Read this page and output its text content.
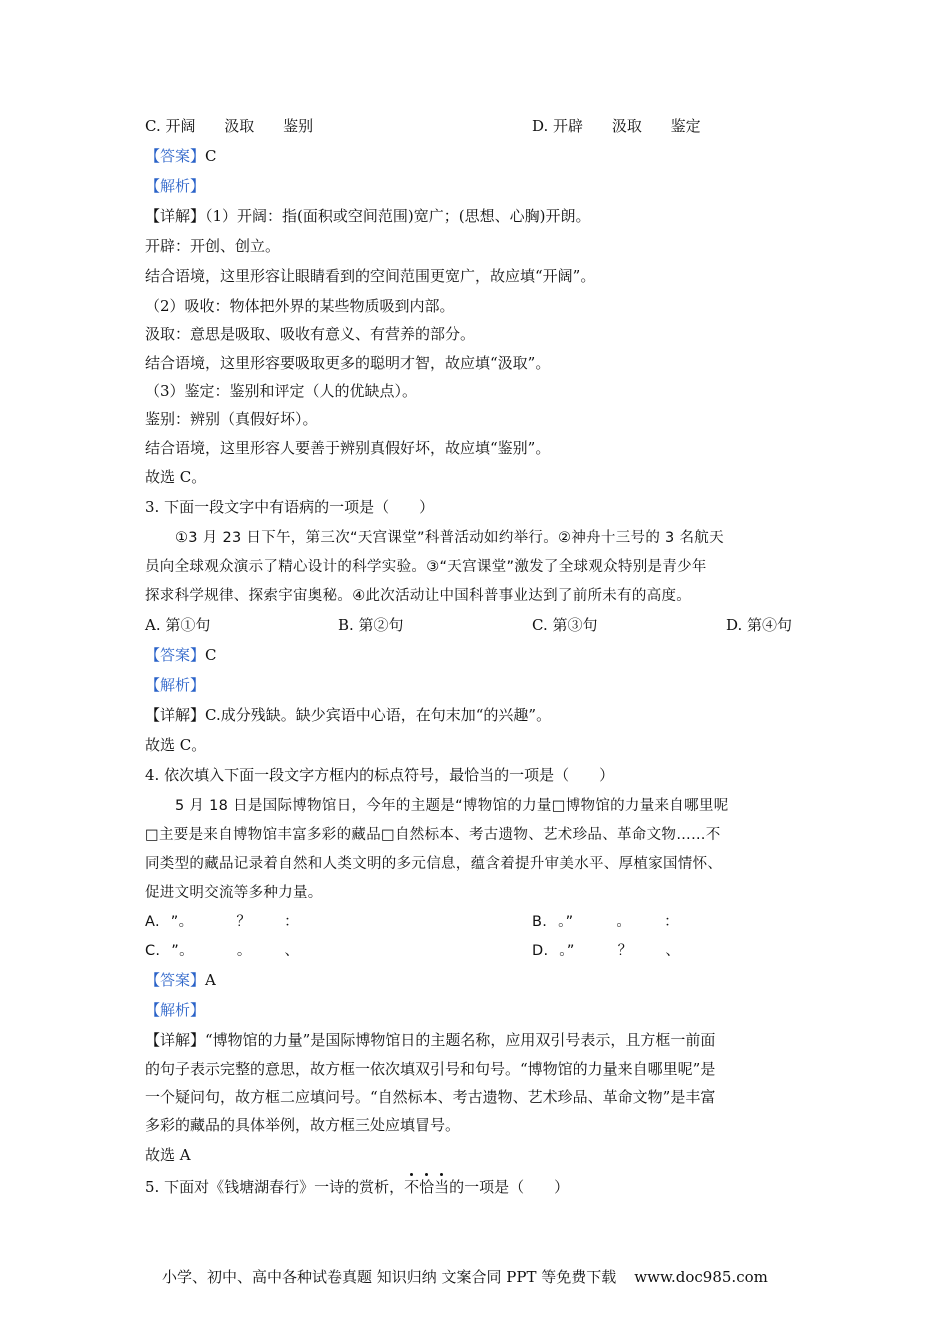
C. 开阔 汲取 鉴别	D. 开辟 汲取 鉴定
【答案】C
【解析】
【详解】（1）开阔：指(面积或空间范围)宽广；(思想、心胸)开朗。
开辟：开创、创立。
结合语境，这里形容让眼睛看到的空间范围更宽广，故应填“开阔”。
（2）吸收：物体把外界的某些物质吸到内部。
汲取：意思是吸取、吸收有意义、有营养的部分。
结合语境，这里形容要吸取更多的聪明才智，故应填“汲取”。
（3）鉴定：鉴别和评定（人的优缺点）。
鉴别：辨别（真假好坏）。
结合语境，这里形容人要善于辨别真假好坏，故应填“鉴别”。
故选 C。
3. 下面一段文字中有语病的一项是（　　）
①3 月 23 日下午，第三次“天宫课堂”科普活动如约举行。②神舟十三号的 3 名航天
员向全球观众演示了精心设计的科学实验。③“天宫课堂”激发了全球观众特别是青少年
探求科学规律、探索宇宙奥秘。④此次活动让中国科普事业达到了前所未有的高度。
A. 第①句	B. 第②句	C. 第③句	D. 第④句
【答案】C
【解析】
【详解】C.成分残缺。缺少宾语中心语，在句末加“的兴趣”。
故选 C。
4. 依次填入下面一段文字方框内的标点符号，最恰当的一项是（　　）
5 月 18 日是国际博物馆日，今年的主题是“博物馆的力量□博物馆的力量来自哪里呢
□主要是来自博物馆丰富多彩的藏品□自然标本、考古遗物、艺术珍品、革命文物……不
同类型的藏品记录着自然和人类文明的多元信息，蕴含着提升审美水平、厚植家国情怀、
促进文明交流等多种力量。
A. ”。	？ ：	B. 。”	。 ：
C. ”。	。 、	D. 。”	？ 、
【答案】A
【解析】
【详解】“博物馆的力量”是国际博物馆日的主题名称，应用双引号表示，且方框一前面
的句子表示完整的意思，故方框一依次填双引号和句号。“博物馆的力量来自哪里呢”是
一个疑问句，故方框二应填问号。“自然标本、考古遗物、艺术珍品、革命文物”是丰富
多彩的藏品的具体举例，故方框三处应填冒号。
故选 A
5. 下面对《钱塘湖春行》一诗的赏析，不恰当的一项是（　　）
小学、初中、高中各种试卷真题 知识归纳 文案合同 PPT 等免费下载 www.doc985.com
